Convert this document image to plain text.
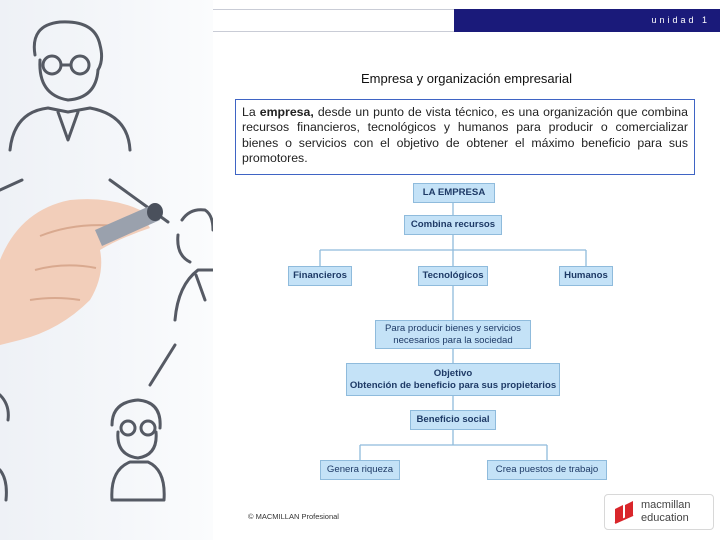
unidad 1
Empresa y organización empresarial
La empresa, desde un punto de vista técnico, es una organización que combina recursos financieros, tecnológicos y humanos para producir o comercializar bienes o servicios con el objetivo de obtener el máximo beneficio para sus promotores.
LA EMPRESA
Combina recursos
Financieros	Tecnológicos	Humanos
Para producir bienes y servicios
necesarios para la sociedad
Objetivo
Obtención de beneficio para sus propietarios
Beneficio social
Genera riqueza	Crea puestos de trabajo
© MACMILLAN Profesional
macmillan
education
